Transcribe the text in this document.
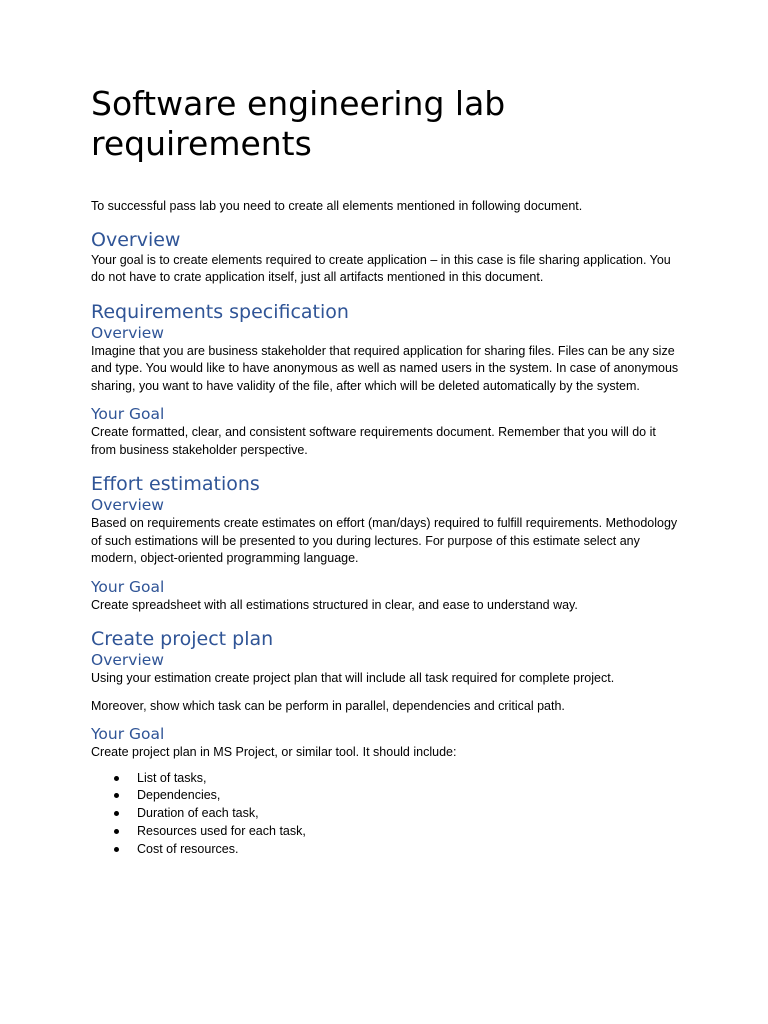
Software engineering lab requirements

To successful pass lab you need to create all elements mentioned in following document.

Overview

Your goal is to create elements required to create application – in this case is file sharing application. You do not have to crate application itself, just all artifacts mentioned in this document.

Requirements specification
Overview

Imagine that you are business stakeholder that required application for sharing files. Files can be any size and type. You would like to have anonymous as well as named users in the system. In case of anonymous sharing, you want to have validity of the file, after which will be deleted automatically by the system.

Your Goal

Create formatted, clear, and consistent software requirements document. Remember that you will do it from business stakeholder perspective.

Effort estimations
Overview

Based on requirements create estimates on effort (man/days) required to fulfill requirements. Methodology of such estimations will be presented to you during lectures. For purpose of this estimate select any modern, object-oriented programming language.

Your Goal

Create spreadsheet with all estimations structured in clear, and ease to understand way.

Create project plan
Overview

Using your estimation create project plan that will include all task required for complete project.

Moreover, show which task can be perform in parallel, dependencies and critical path.

Your Goal

Create project plan in MS Project, or similar tool. It should include:

List of tasks,
Dependencies,
Duration of each task,
Resources used for each task,
Cost of resources.
